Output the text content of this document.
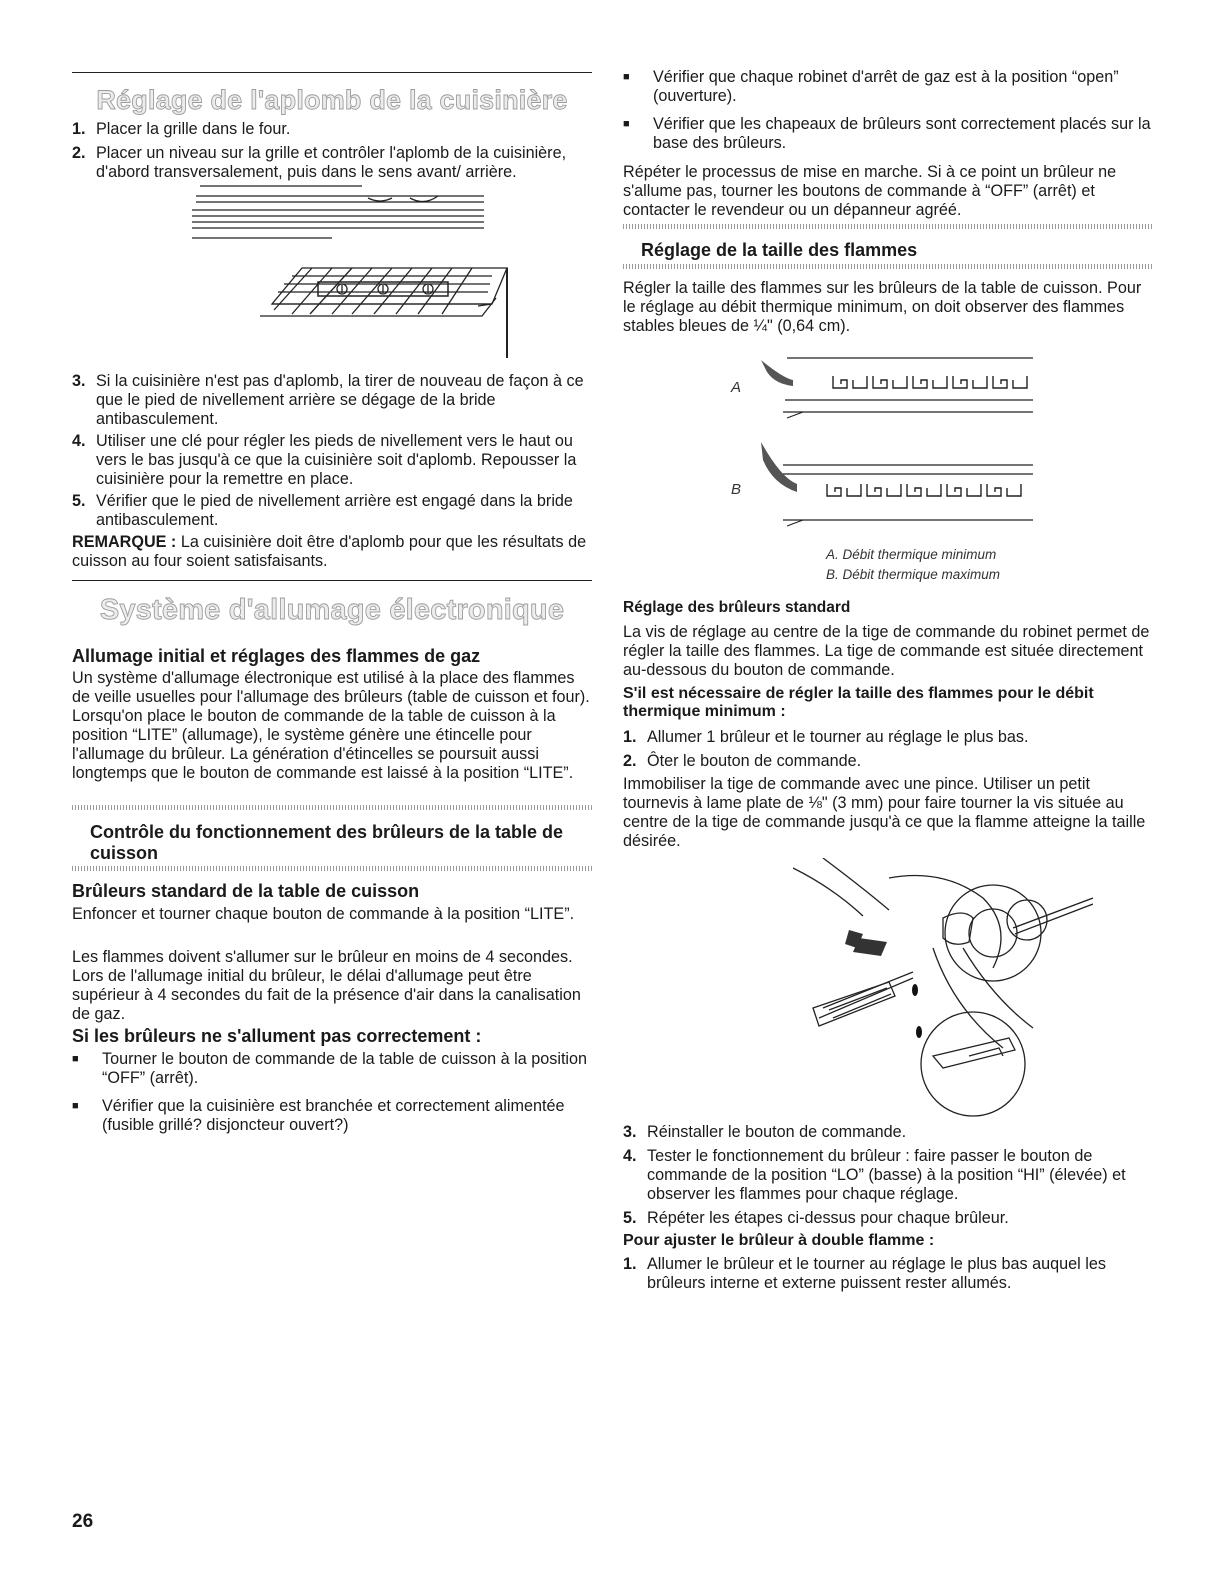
Réglage de l'aplomb de la cuisinière
1. Placer la grille dans le four.
2. Placer un niveau sur la grille et contrôler l'aplomb de la cuisinière, d'abord transversalement, puis dans le sens avant/ arrière.
3. Si la cuisinière n'est pas d'aplomb, la tirer de nouveau de façon à ce que le pied de nivellement arrière se dégage de la bride antibasculement.
4. Utiliser une clé pour régler les pieds de nivellement vers le haut ou vers le bas jusqu'à ce que la cuisinière soit d'aplomb. Repousser la cuisinière pour la remettre en place.
5. Vérifier que le pied de nivellement arrière est engagé dans la bride antibasculement.

REMARQUE : La cuisinière doit être d'aplomb pour que les résultats de cuisson au four soient satisfaisants.

Système d'allumage électronique
Allumage initial et réglages des flammes de gaz

Un système d'allumage électronique est utilisé à la place des flammes de veille usuelles pour l'allumage des brûleurs (table de cuisson et four). Lorsqu'on place le bouton de commande de la table de cuisson à la position “LITE” (allumage), le système génère une étincelle pour l'allumage du brûleur. La génération d'étincelles se poursuit aussi longtemps que le bouton de commande est laissé à la position “LITE”.

Contrôle du fonctionnement des brûleurs de la table de cuisson
Brûleurs standard de la table de cuisson

Enfoncer et tourner chaque bouton de commande à la position “LITE”.

Les flammes doivent s'allumer sur le brûleur en moins de 4 secondes. Lors de l'allumage initial du brûleur, le délai d'allumage peut être supérieur à 4 secondes du fait de la présence d'air dans la canalisation de gaz.

Si les brûleurs ne s'allument pas correctement :
■	Tourner le bouton de commande de la table de cuisson à la position “OFF” (arrêt).
■	Vérifier que la cuisinière est branchée et correctement alimentée (fusible grillé? disjoncteur ouvert?)
26
■	Vérifier que chaque robinet d'arrêt de gaz est à la position “open” (ouverture).
■	Vérifier que les chapeaux de brûleurs sont correctement placés sur la base des brûleurs.

Répéter le processus de mise en marche. Si à ce point un brûleur ne s'allume pas, tourner les boutons de commande à “OFF” (arrêt) et contacter le revendeur ou un dépanneur agréé.

Réglage de la taille des flammes

Régler la taille des flammes sur les brûleurs de la table de cuisson. Pour le réglage au débit thermique minimum, on doit observer des flammes stables bleues de ¼" (0,64 cm).

A
B
A. Débit thermique minimum
B. Débit thermique maximum
Réglage des brûleurs standard

La vis de réglage au centre de la tige de commande du robinet permet de régler la taille des flammes. La tige de commande est située directement au-dessous du bouton de commande.

S'il est nécessaire de régler la taille des flammes pour le débit thermique minimum :
1. Allumer 1 brûleur et le tourner au réglage le plus bas.
2. Ôter le bouton de commande.

Immobiliser la tige de commande avec une pince. Utiliser un petit tournevis à lame plate de ⅛" (3 mm) pour faire tourner la vis située au centre de la tige de commande jusqu'à ce que la flamme atteigne la taille désirée.

3. Réinstaller le bouton de commande.
4. Tester le fonctionnement du brûleur : faire passer le bouton de commande de la position “LO” (basse) à la position “HI” (élevée) et observer les flammes pour chaque réglage.
5. Répéter les étapes ci-dessus pour chaque brûleur.
Pour ajuster le brûleur à double flamme :
1. Allumer le brûleur et le tourner au réglage le plus bas auquel les brûleurs interne et externe puissent rester allumés.
